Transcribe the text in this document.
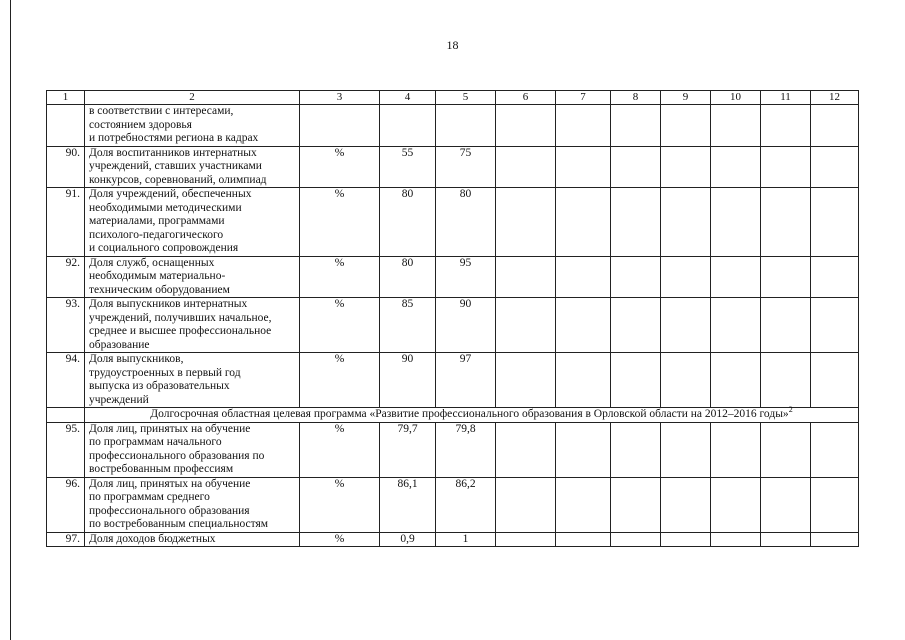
18
1	2	3	4	5	6	7	8	9	10	11	12

	в соответствии с интересами,
состоянием здоровья
и потребностями региона в кадрах										

90.	Доля воспитанников интернатных
учреждений, ставших участниками
конкурсов, соревнований, олимпиад	%	55	75							
91.	Доля учреждений, обеспеченных
необходимыми методическими
материалами, программами
психолого-педагогического
и социального сопровождения	%	80	80							
92.	Доля служб, оснащенных
необходимым материально-
техническим оборудованием	%	80	95							
93.	Доля выпускников интернатных
учреждений, получивших начальное,
среднее и высшее профессиональное
образование	%	85	90							
94.	Доля выпускников,
трудоустроенных в первый год
выпуска из образовательных
учреждений	%	90	97							
	Долгосрочная областная целевая программа «Развитие профессионального образования в Орловской области на 2012–2016 годы»$^2$
95.	Доля лиц, принятых на обучение
по программам начального
профессионального образования по
востребованным профессиям	%	79,7	79,8							
96.	Доля лиц, принятых на обучение
по программам среднего
профессионального образования
по востребованным специальностям	%	86,1	86,2							
97.	Доля доходов бюджетных	%	0,9	1							
